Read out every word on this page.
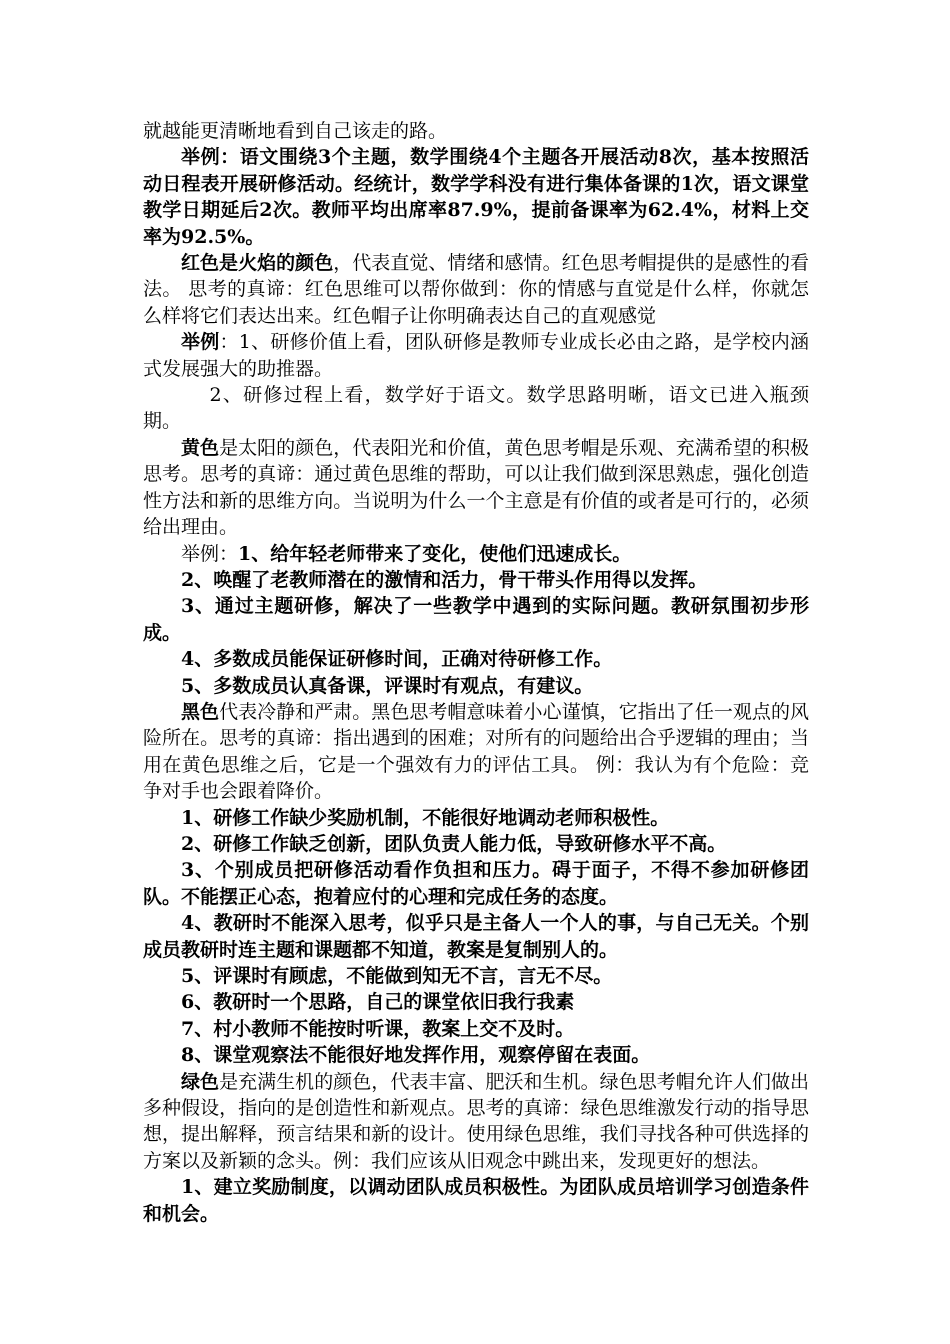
就越能更清晰地看到自己该走的路。

举例：语文围绕3个主题，数学围绕4个主题各开展活动8次，基本按照活动日程表开展研修活动。经统计，数学学科没有进行集体备课的1次，语文课堂教学日期延后2次。教师平均出席率87.9%，提前备课率为62.4%，材料上交率为92.5%。

红色是火焰的颜色，代表直觉、情绪和感情。红色思考帽提供的是感性的看法。 思考的真谛：红色思维可以帮你做到：你的情感与直觉是什么样，你就怎么样将它们表达出来。红色帽子让你明确表达自己的直观感觉

举例：1、研修价值上看，团队研修是教师专业成长必由之路，是学校内涵式发展强大的助推器。

2、研修过程上看，数学好于语文。数学思路明晰，语文已进入瓶颈期。

黄色是太阳的颜色，代表阳光和价值，黄色思考帽是乐观、充满希望的积极思考。思考的真谛：通过黄色思维的帮助，可以让我们做到深思熟虑，强化创造性方法和新的思维方向。当说明为什么一个主意是有价值的或者是可行的，必须给出理由。

举例：1、给年轻老师带来了变化，使他们迅速成长。

2、唤醒了老教师潜在的激情和活力，骨干带头作用得以发挥。

3、通过主题研修，解决了一些教学中遇到的实际问题。教研氛围初步形成。

4、多数成员能保证研修时间，正确对待研修工作。

5、多数成员认真备课，评课时有观点，有建议。

黑色代表冷静和严肃。黑色思考帽意味着小心谨慎，它指出了任一观点的风险所在。思考的真谛：指出遇到的困难；对所有的问题给出合乎逻辑的理由；当用在黄色思维之后，它是一个强效有力的评估工具。 例：我认为有个危险：竞争对手也会跟着降价。

1、研修工作缺少奖励机制，不能很好地调动老师积极性。

2、研修工作缺乏创新，团队负责人能力低，导致研修水平不高。

3、个别成员把研修活动看作负担和压力。碍于面子，不得不参加研修团队。不能摆正心态，抱着应付的心理和完成任务的态度。

4、教研时不能深入思考，似乎只是主备人一个人的事，与自己无关。个别成员教研时连主题和课题都不知道，教案是复制别人的。

5、评课时有顾虑，不能做到知无不言，言无不尽。

6、教研时一个思路，自己的课堂依旧我行我素

7、村小教师不能按时听课，教案上交不及时。

8、课堂观察法不能很好地发挥作用，观察停留在表面。

绿色是充满生机的颜色，代表丰富、肥沃和生机。绿色思考帽允许人们做出多种假设，指向的是创造性和新观点。思考的真谛：绿色思维激发行动的指导思想，提出解释，预言结果和新的设计。使用绿色思维，我们寻找各种可供选择的方案以及新颖的念头。例：我们应该从旧观念中跳出来，发现更好的想法。

1、建立奖励制度，以调动团队成员积极性。为团队成员培训学习创造条件和机会。
